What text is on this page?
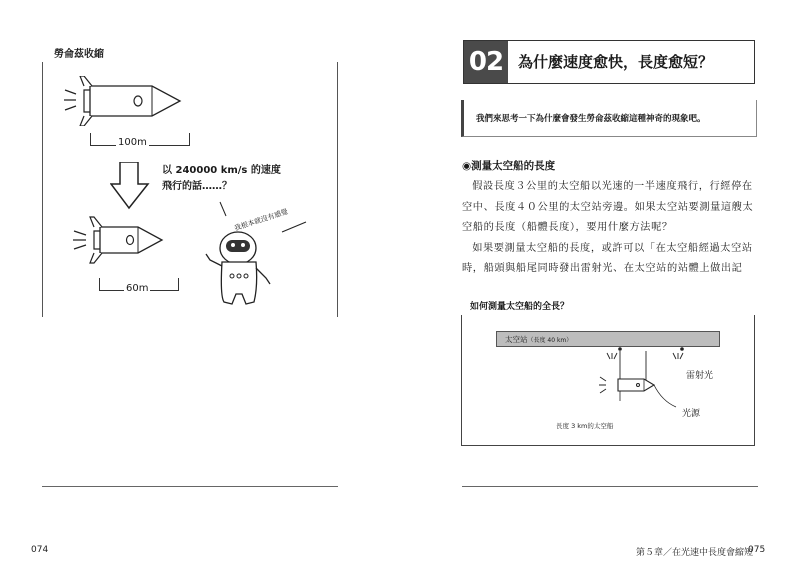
勞侖茲收縮
100m
以 240000 km/s 的速度
飛行的話……？
60m
我根本就沒有感覺
074
02 為什麼速度愈快，長度愈短？
我們來思考一下為什麼會發生勞侖茲收縮這種神奇的現象吧。
◉測量太空船的長度

假設長度３公里的太空船以光速的一半速度飛行，行經停在空中、長度４０公里的太空站旁邊。如果太空站要測量這艘太空船的長度（船體長度），要用什麼方法呢？

如果要測量太空船的長度，或許可以「在太空船經過太空站時，船頭與船尾同時發出雷射光、在太空站的站體上做出記

如何測量太空船的全長？
太空站（長度 40 km）
雷射光
光源
長度 3 km的太空船
第５章／在光速中長度會縮短
075
